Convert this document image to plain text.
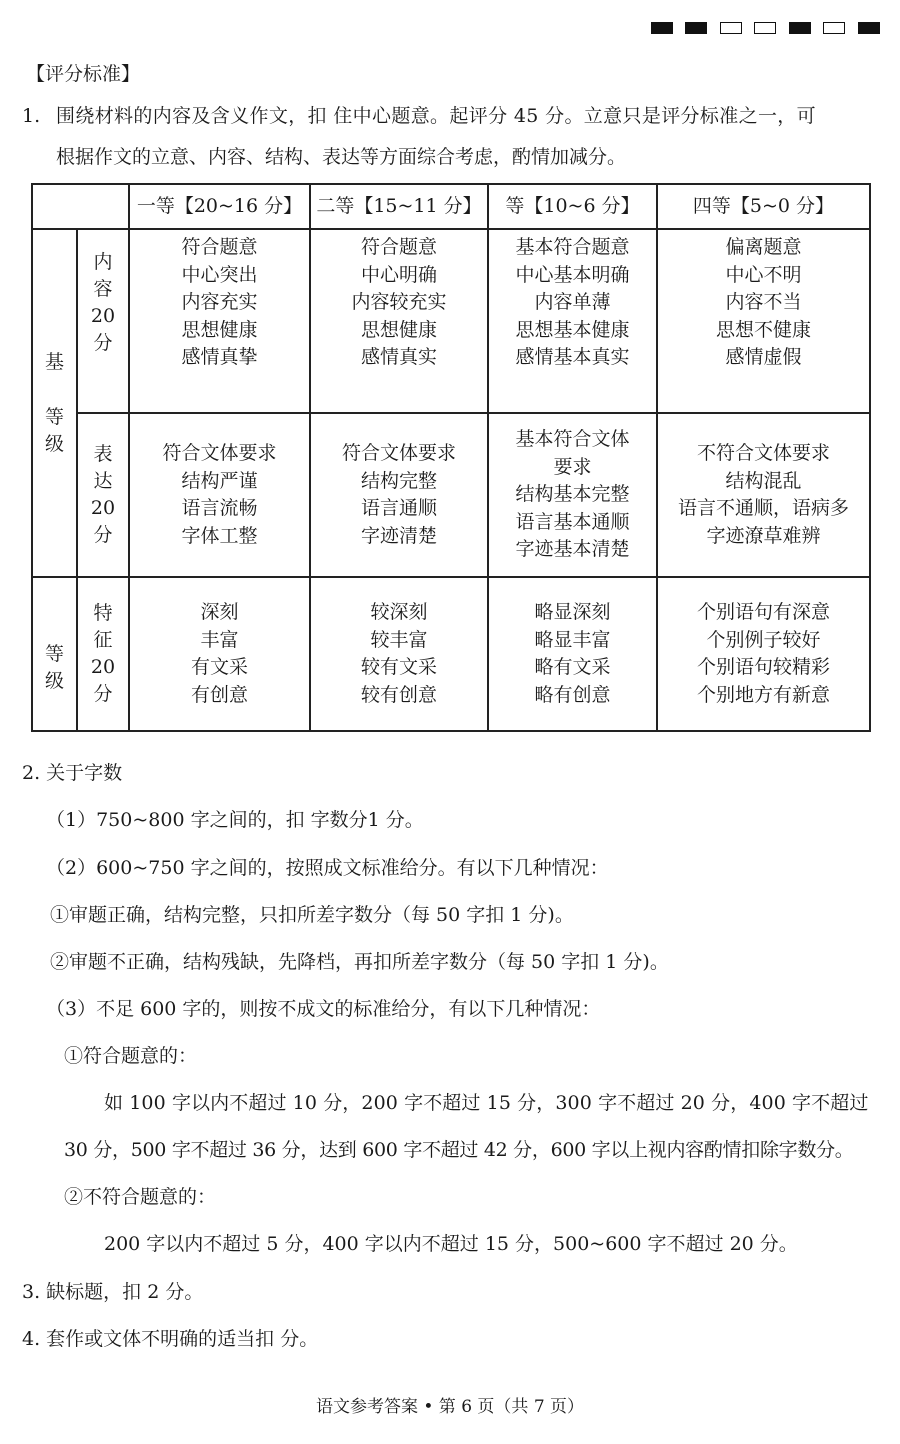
【评分标准】
1. 围绕材料的内容及含义作文，扣 住中心题意。起评分 45 分。立意只是评分标准之一，可
根据作文的立意、内容、结构、表达等方面综合考虑，酌情加减分。
一等【20~16 分】 二等【15~11 分】	等【10~6 分】	四等【5~0 分】
基
等
级
等
级
内
容
20
分
表
达
20
分
特
征
20
分
符合题意
中心突出
内容充实
思想健康
感情真挚
符合题意
中心明确
内容较充实
思想健康
感情真实
基本符合题意
中心基本明确
内容单薄
思想基本健康
感情基本真实
偏离题意
中心不明
内容不当
思想不健康
感情虚假
符合文体要求
结构严谨
语言流畅
字体工整
符合文体要求
结构完整
语言通顺
字迹清楚
基本符合文体
要求
结构基本完整
语言基本通顺
字迹基本清楚
不符合文体要求
结构混乱
语言不通顺，语病多
字迹潦草难辨
深刻
丰富
有文采
有创意
较深刻
较丰富
较有文采
较有创意
略显深刻
略显丰富
略有文采
略有创意
个别语句有深意
个别例子较好
个别语句较精彩
个别地方有新意
2. 关于字数
（1）750~800 字之间的，扣 字数分1 分。
（2）600~750 字之间的，按照成文标准给分。有以下几种情况：
①审题正确，结构完整，只扣所差字数分（每 50 字扣 1 分)。
②审题不正确，结构残缺，先降档，再扣所差字数分（每 50 字扣 1 分)。
（3）不足 600 字的，则按不成文的标准给分，有以下几种情况：
①符合题意的：
如 100 字以内不超过 10 分，200 字不超过 15 分，300 字不超过 20 分，400 字不超过
30 分，500 字不超过 36 分，达到 600 字不超过 42 分，600 字以上视内容酌情扣除字数分。
②不符合题意的：
200 字以内不超过 5 分，400 字以内不超过 15 分，500~600 字不超过 20 分。
3. 缺标题，扣 2 分。
4. 套作或文体不明确的适当扣 分。
语文参考答案 • 第 6 页（共 7 页）
